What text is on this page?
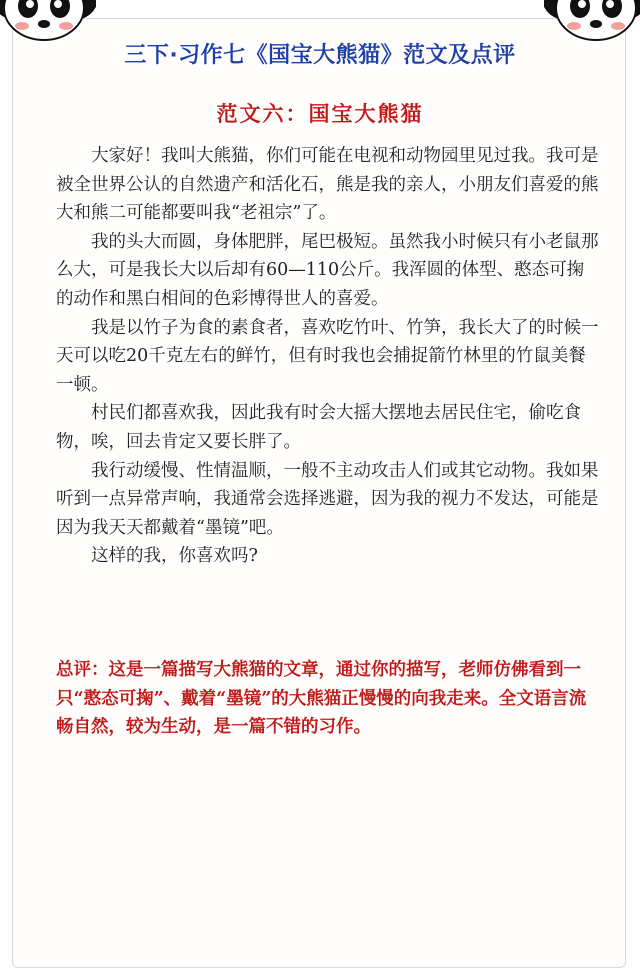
三下·习作七《国宝大熊猫》范文及点评
范文六：国宝大熊猫

大家好！我叫大熊猫，你们可能在电视和动物园里见过我。我可是被全世界公认的自然遗产和活化石，熊是我的亲人，小朋友们喜爱的熊大和熊二可能都要叫我“老祖宗”了。

我的头大而圆，身体肥胖，尾巴极短。虽然我小时候只有小老鼠那么大，可是我长大以后却有60—110公斤。我浑圆的体型、憨态可掬的动作和黑白相间的色彩博得世人的喜爱。

我是以竹子为食的素食者，喜欢吃竹叶、竹笋，我长大了的时候一天可以吃20千克左右的鲜竹，但有时我也会捕捉箭竹林里的竹鼠美餐一顿。

村民们都喜欢我，因此我有时会大摇大摆地去居民住宅，偷吃食物，唉，回去肯定又要长胖了。

我行动缓慢、性情温顺，一般不主动攻击人们或其它动物。我如果听到一点异常声响，我通常会选择逃避，因为我的视力不发达，可能是因为我天天都戴着“墨镜”吧。

这样的我，你喜欢吗?

总评：这是一篇描写大熊猫的文章，通过你的描写，老师仿佛看到一只“憨态可掬”、戴着“墨镜”的大熊猫正慢慢的向我走来。全文语言流畅自然，较为生动，是一篇不错的习作。
